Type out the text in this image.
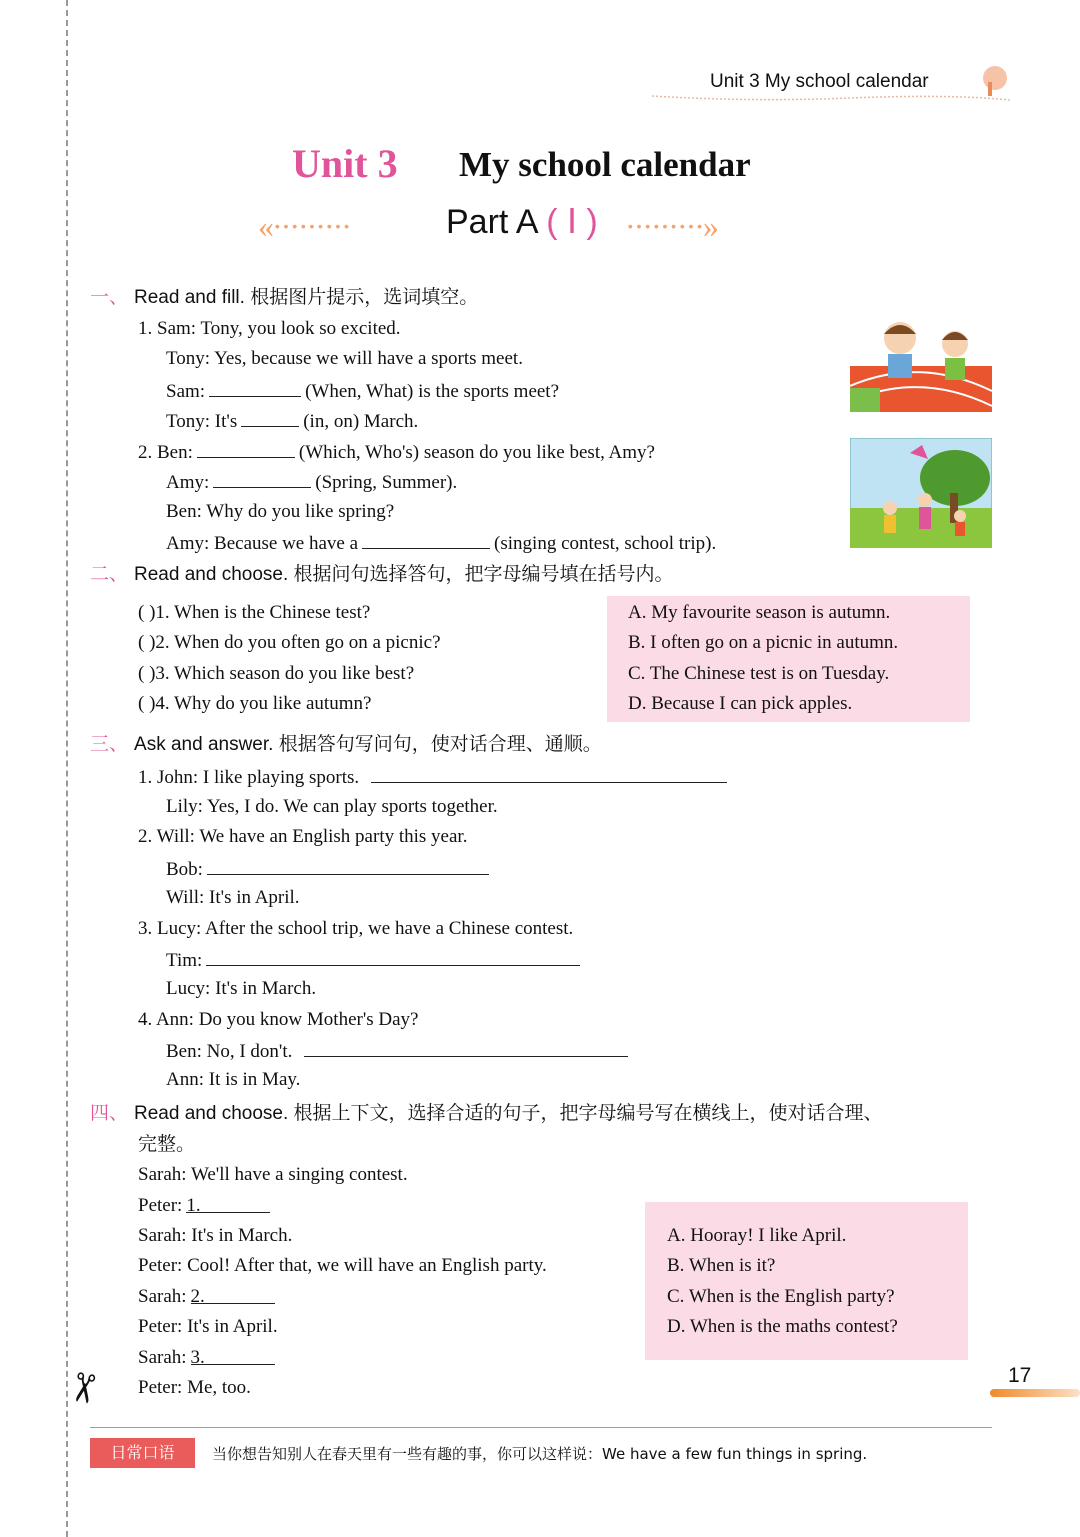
Unit 3 My school calendar
Unit 3 My school calendar
«·········	Part A ( Ⅰ ) ·········»
一、 Read and fill. 根据图片提示，选词填空。
1. Sam: Tony, you look so excited.
Tony: Yes, because we will have a sports meet.
Sam:	(When, What) is the sports meet?
Tony: It's	(in, on) March.
2. Ben:	(Which, Who's) season do you like best, Amy?
Amy:	(Spring, Summer).
Ben: Why do you like spring?
Amy: Because we have a	(singing contest, school trip).
二、 Read and choose. 根据问句选择答句，把字母编号填在括号内。
( )1. When is the Chinese test?
( )2. When do you often go on a picnic?
( )3. Which season do you like best?
( )4. Why do you like autumn?
A. My favourite season is autumn.
B. I often go on a picnic in autumn.
C. The Chinese test is on Tuesday.
D. Because I can pick apples.
三、 Ask and answer. 根据答句写问句，使对话合理、通顺。
1. John: I like playing sports.
Lily: Yes, I do. We can play sports together.
2. Will: We have an English party this year.
Bob:
Will: It's in April.
3. Lucy: After the school trip, we have a Chinese contest.
Tim:
Lucy: It's in March.
4. Ann: Do you know Mother's Day?
Ben: No, I don't.
Ann: It is in May.
四、 Read and choose. 根据上下文，选择合适的句子，把字母编号写在横线上，使对话合理、
完整。
Sarah: We'll have a singing contest.
Peter: 1.
Sarah: It's in March.
Peter: Cool! After that, we will have an English party.
Sarah: 2.
Peter: It's in April.
Sarah: 3.
Peter: Me, too.
A. Hooray! I like April.
B. When is it?
C. When is the English party?
D. When is the maths contest?
✂	17
日常口语	当你想告知别人在春天里有一些有趣的事，你可以这样说：We have a few fun things in spring.
